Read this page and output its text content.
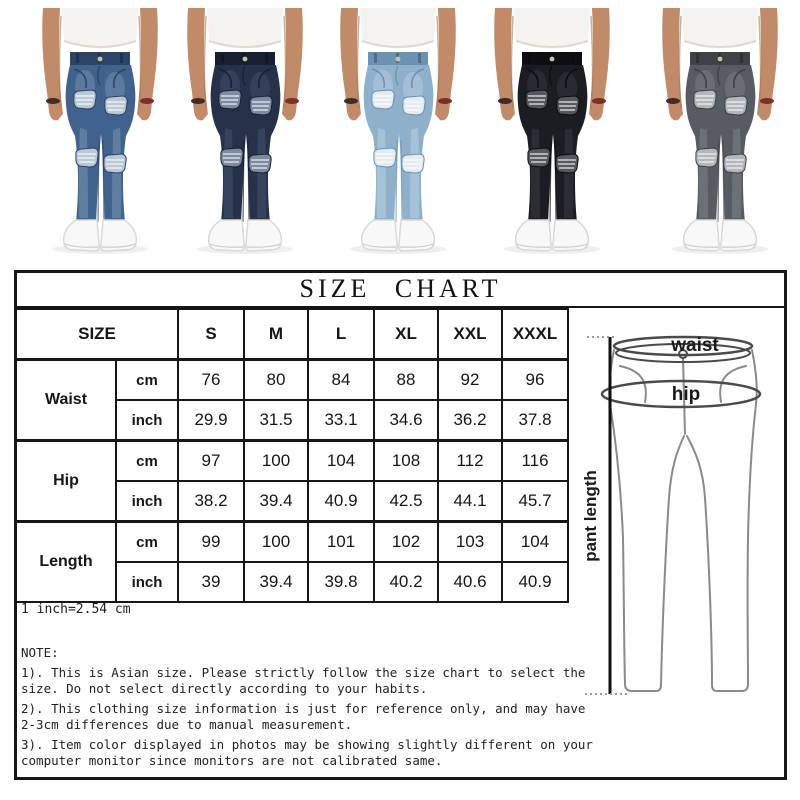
SIZE CHART
SIZE		S	M	L	XL	XXL	XXXL
Waist	cm	76	80	84	88	92	96
	inch	29.9	31.5	33.1	34.6	36.2	37.8
Hip	cm	97	100	104	108	112	116
	inch	38.2	39.4	40.9	42.5	44.1	45.7
Length	cm	99	100	101	102	103	104
	inch	39	39.4	39.8	40.2	40.6	40.9
1 inch=2.54 cm
NOTE:

1). This is Asian size. Please strictly follow the size chart to select the
size. Do not select directly according to your habits.

2). This clothing size information is just for reference only, and may have
2-3cm differences due to manual measurement.

3). Item color displayed in photos may be showing slightly different on your
computer monitor since monitors are not calibrated same.

waist
hip
pant length
